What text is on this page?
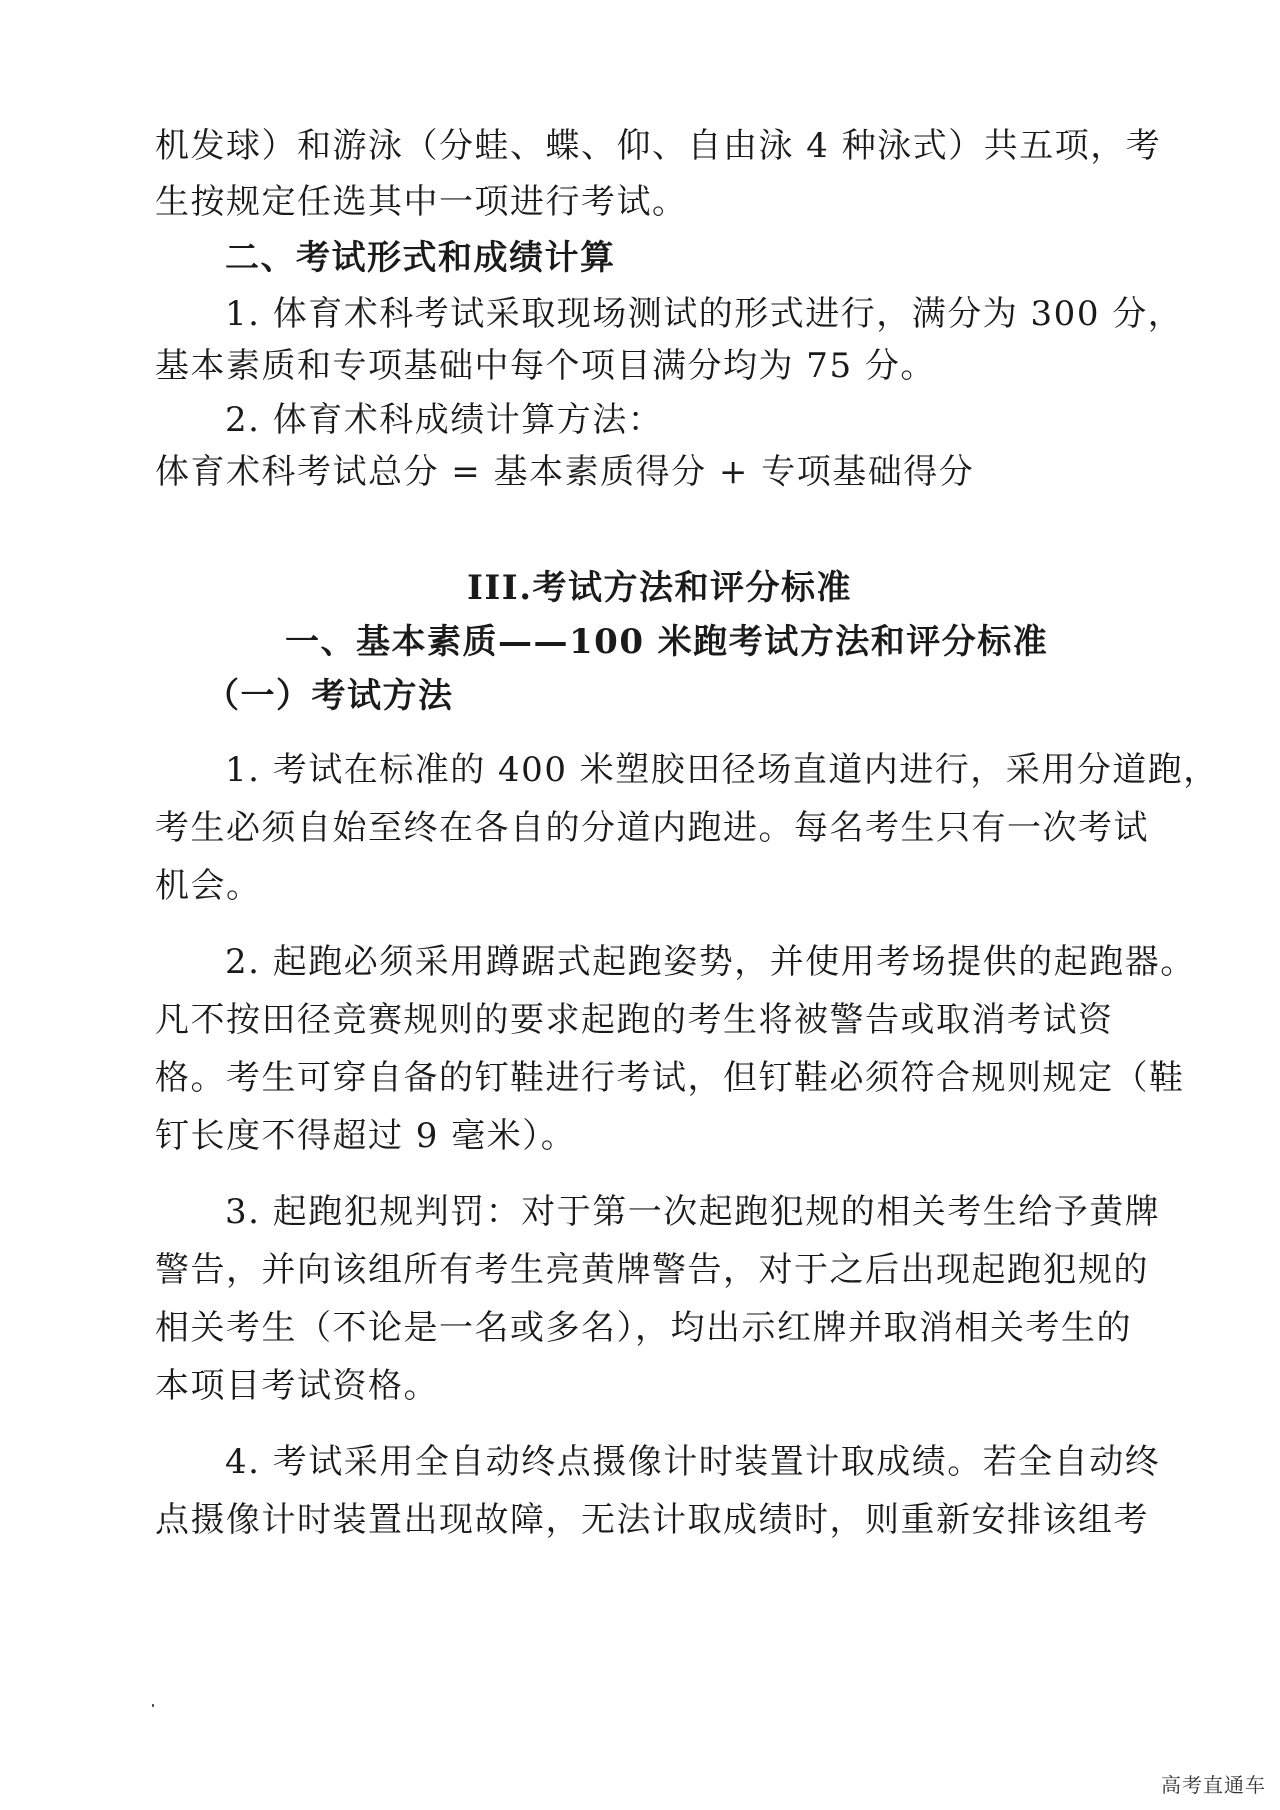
机发球）和游泳（分蛙、蝶、仰、自由泳 4 种泳式）共五项，考
生按规定任选其中一项进行考试。
二、考试形式和成绩计算
1. 体育术科考试采取现场测试的形式进行，满分为 300 分，
基本素质和专项基础中每个项目满分均为 75 分。
2. 体育术科成绩计算方法：
体育术科考试总分 = 基本素质得分 + 专项基础得分
III.考试方法和评分标准
一、基本素质——100 米跑考试方法和评分标准
（一）考试方法
1. 考试在标准的 400 米塑胶田径场直道内进行，采用分道跑，
考生必须自始至终在各自的分道内跑进。每名考生只有一次考试
机会。
2. 起跑必须采用蹲踞式起跑姿势，并使用考场提供的起跑器。
凡不按田径竞赛规则的要求起跑的考生将被警告或取消考试资
格。考生可穿自备的钉鞋进行考试，但钉鞋必须符合规则规定（鞋
钉长度不得超过 9 毫米）。
3. 起跑犯规判罚：对于第一次起跑犯规的相关考生给予黄牌
警告，并向该组所有考生亮黄牌警告，对于之后出现起跑犯规的
相关考生（不论是一名或多名），均出示红牌并取消相关考生的
本项目考试资格。
4. 考试采用全自动终点摄像计时装置计取成绩。若全自动终
点摄像计时装置出现故障，无法计取成绩时，则重新安排该组考
高考直通车
